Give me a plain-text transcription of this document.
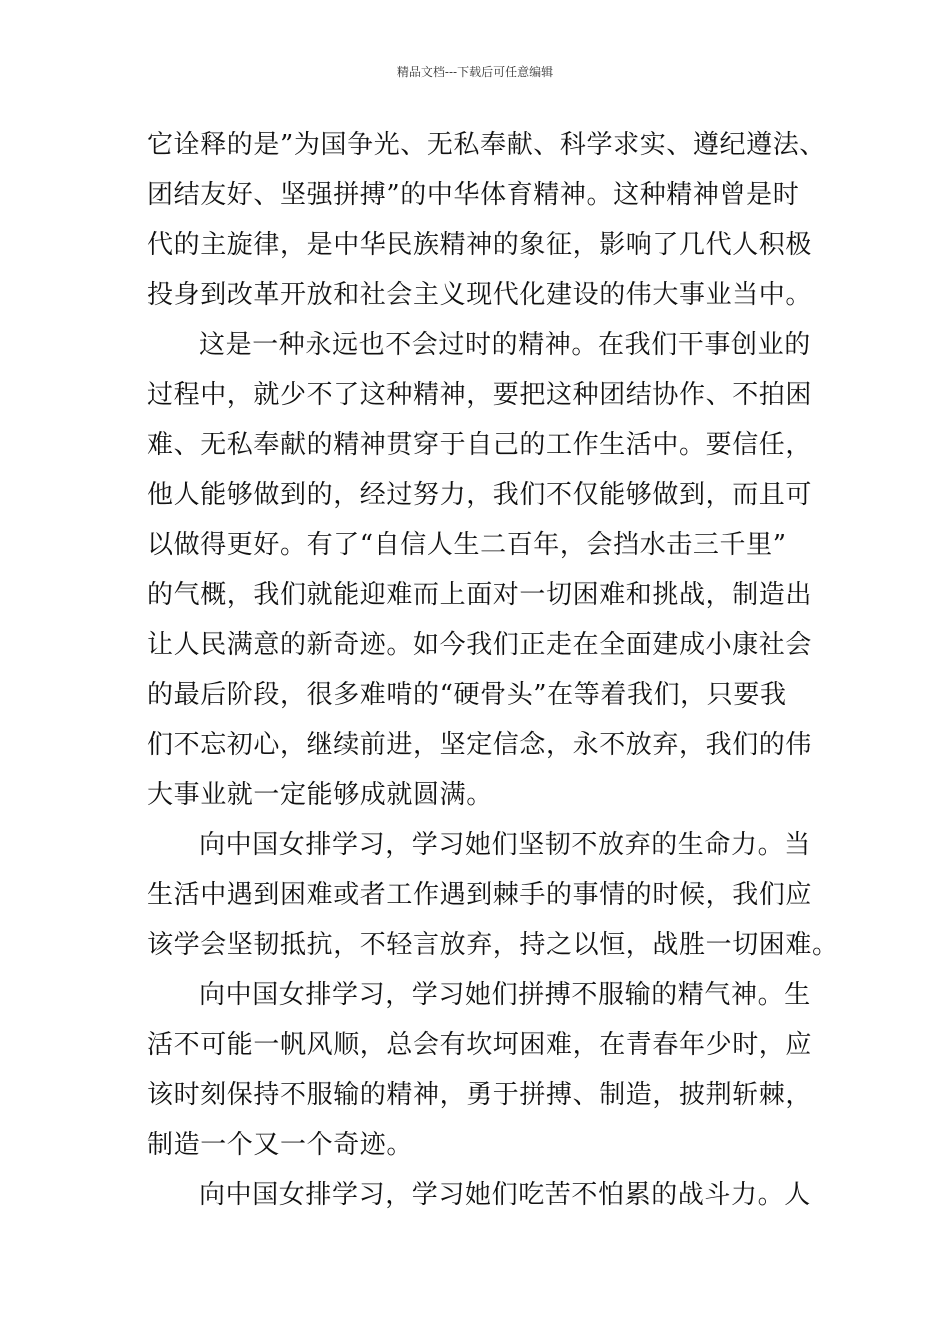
精品文档---下载后可任意编辑
它诠释的是”为国争光、无私奉献、科学求实、遵纪遵法、
团结友好、坚强拼搏”的中华体育精神。这种精神曾是时
代的主旋律，是中华民族精神的象征，影响了几代人积极
投身到改革开放和社会主义现代化建设的伟大事业当中。
这是一种永远也不会过时的精神。在我们干事创业的
过程中，就少不了这种精神，要把这种团结协作、不拍困
难、无私奉献的精神贯穿于自己的工作生活中。要信任，
他人能够做到的，经过努力，我们不仅能够做到，而且可
以做得更好。有了“自信人生二百年，会挡水击三千里”
的气概，我们就能迎难而上面对一切困难和挑战，制造出
让人民满意的新奇迹。如今我们正走在全面建成小康社会
的最后阶段，很多难啃的“硬骨头”在等着我们，只要我
们不忘初心，继续前进，坚定信念，永不放弃，我们的伟
大事业就一定能够成就圆满。
向中国女排学习，学习她们坚韧不放弃的生命力。当
生活中遇到困难或者工作遇到棘手的事情的时候，我们应
该学会坚韧抵抗，不轻言放弃，持之以恒，战胜一切困难。
向中国女排学习，学习她们拼搏不服输的精气神。生
活不可能一帆风顺，总会有坎坷困难，在青春年少时，应
该时刻保持不服输的精神，勇于拼搏、制造，披荆斩棘，
制造一个又一个奇迹。
向中国女排学习，学习她们吃苦不怕累的战斗力。人
